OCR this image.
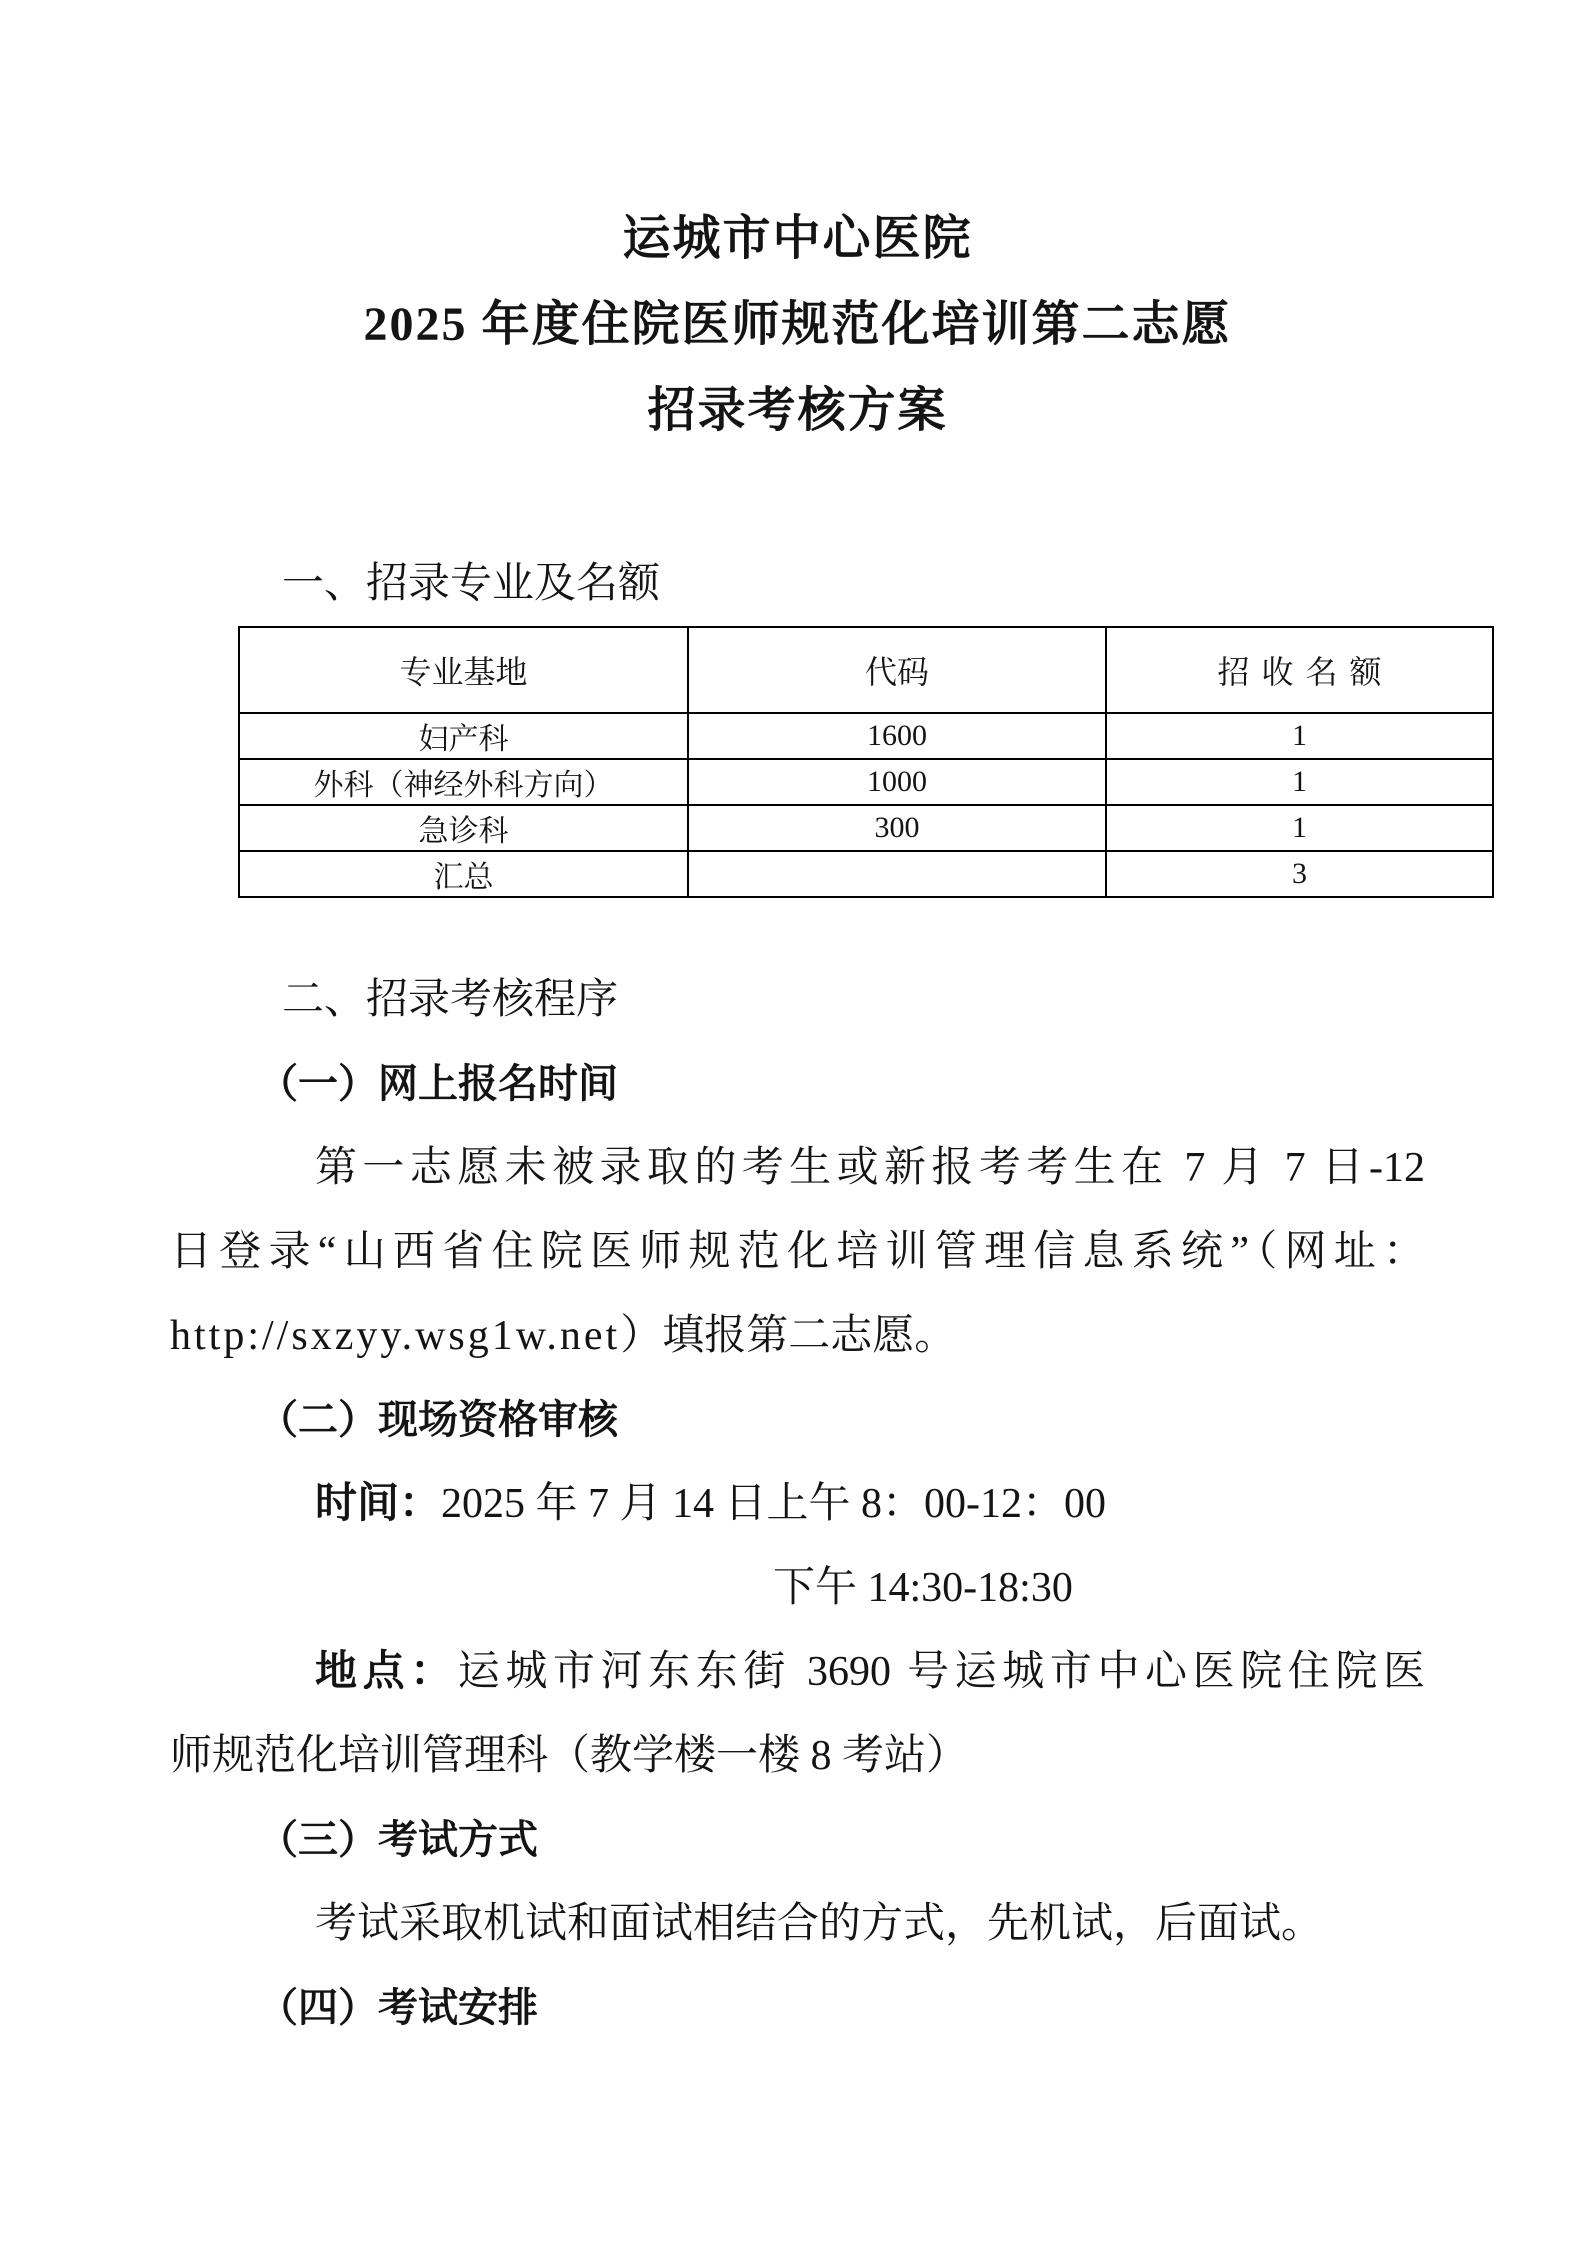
运城市中心医院
2025 年度住院医师规范化培训第二志愿
招录考核方案
一、招录专业及名额
专业基地	代码	招收名额
妇产科	1600	1
外科（神经外科方向）	1000	1
急诊科	300	1
汇总		3
二、招录考核程序
（一）网上报名时间
第一志愿未被录取的考生或新报考考生在 7 月 7 日-12
日登录“山西省住院医师规范化培训管理信息系统”（网址：
http://sxzyy.wsg1w.net）填报第二志愿。
（二）现场资格审核
时间：2025 年 7 月 14 日上午 8：00-12：00
下午 14:30-18:30
地点：运城市河东东街 3690 号运城市中心医院住院医
师规范化培训管理科（教学楼一楼 8 考站）
（三）考试方式
考试采取机试和面试相结合的方式，先机试，后面试。
（四）考试安排
